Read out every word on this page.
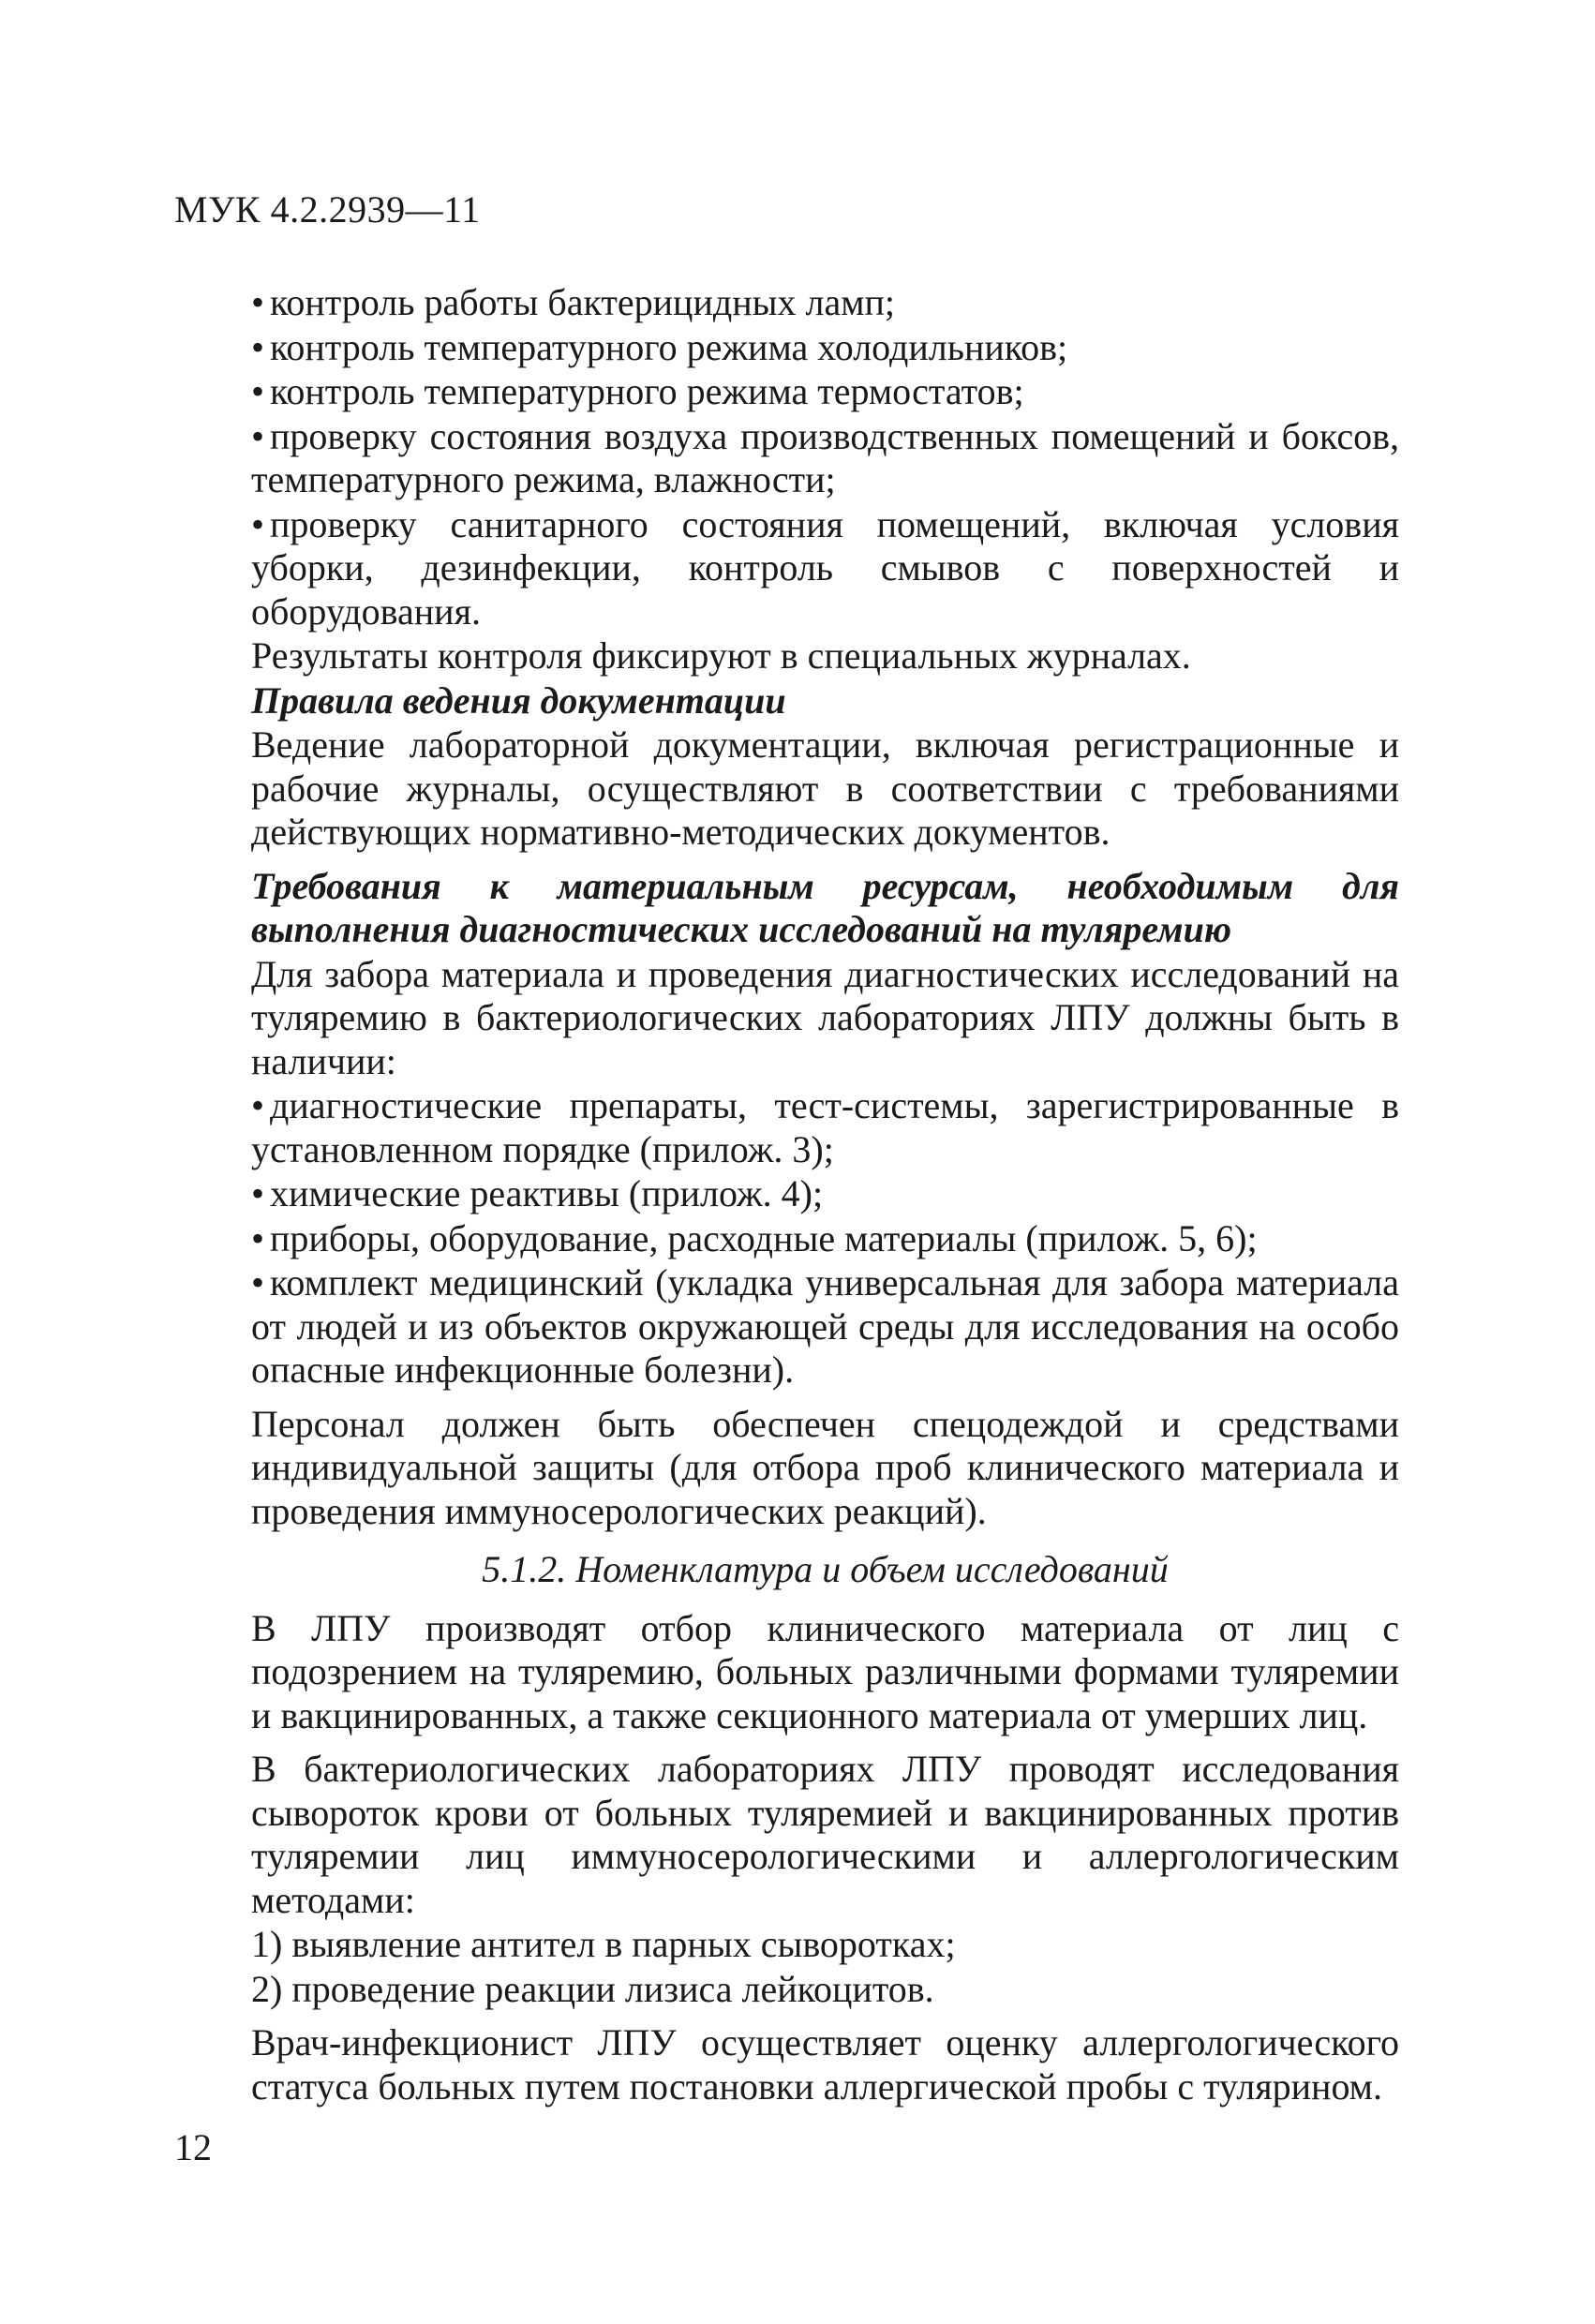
МУК 4.2.2939—11

• контроль работы бактерицидных ламп;

• контроль температурного режима холодильников;

• контроль температурного режима термостатов;

• проверку состояния воздуха производственных помещений и боксов, температурного режима, влажности;

• проверку санитарного состояния помещений, включая условия уборки, дезинфекции, контроль смывов с поверхностей и оборудования.

Результаты контроля фиксируют в специальных журналах.

Правила ведения документации

Ведение лабораторной документации, включая регистрационные и рабочие журналы, осуществляют в соответствии с требованиями действующих нормативно-методических документов.

Требования к материальным ресурсам, необходимым для выполнения диагностических исследований на туляремию

Для забора материала и проведения диагностических исследований на туляремию в бактериологических лабораториях ЛПУ должны быть в наличии:

• диагностические препараты, тест-системы, зарегистрированные в установленном порядке (прилож. 3);

• химические реактивы (прилож. 4);

• приборы, оборудование, расходные материалы (прилож. 5, 6);

• комплект медицинский (укладка универсальная для забора материала от людей и из объектов окружающей среды для исследования на особо опасные инфекционные болезни).

Персонал должен быть обеспечен спецодеждой и средствами индивидуальной защиты (для отбора проб клинического материала и проведения иммуносерологических реакций).

5.1.2. Номенклатура и объем исследований

В ЛПУ производят отбор клинического материала от лиц с подозрением на туляремию, больных различными формами туляремии и вакцинированных, а также секционного материала от умерших лиц.

В бактериологических лабораториях ЛПУ проводят исследования сывороток крови от больных туляремией и вакцинированных против туляремии лиц иммуносерологическими и аллергологическим методами:

1) выявление антител в парных сыворотках;

2) проведение реакции лизиса лейкоцитов.

Врач-инфекционист ЛПУ осуществляет оценку аллергологического статуса больных путем постановки аллергической пробы с тулярином.

12
